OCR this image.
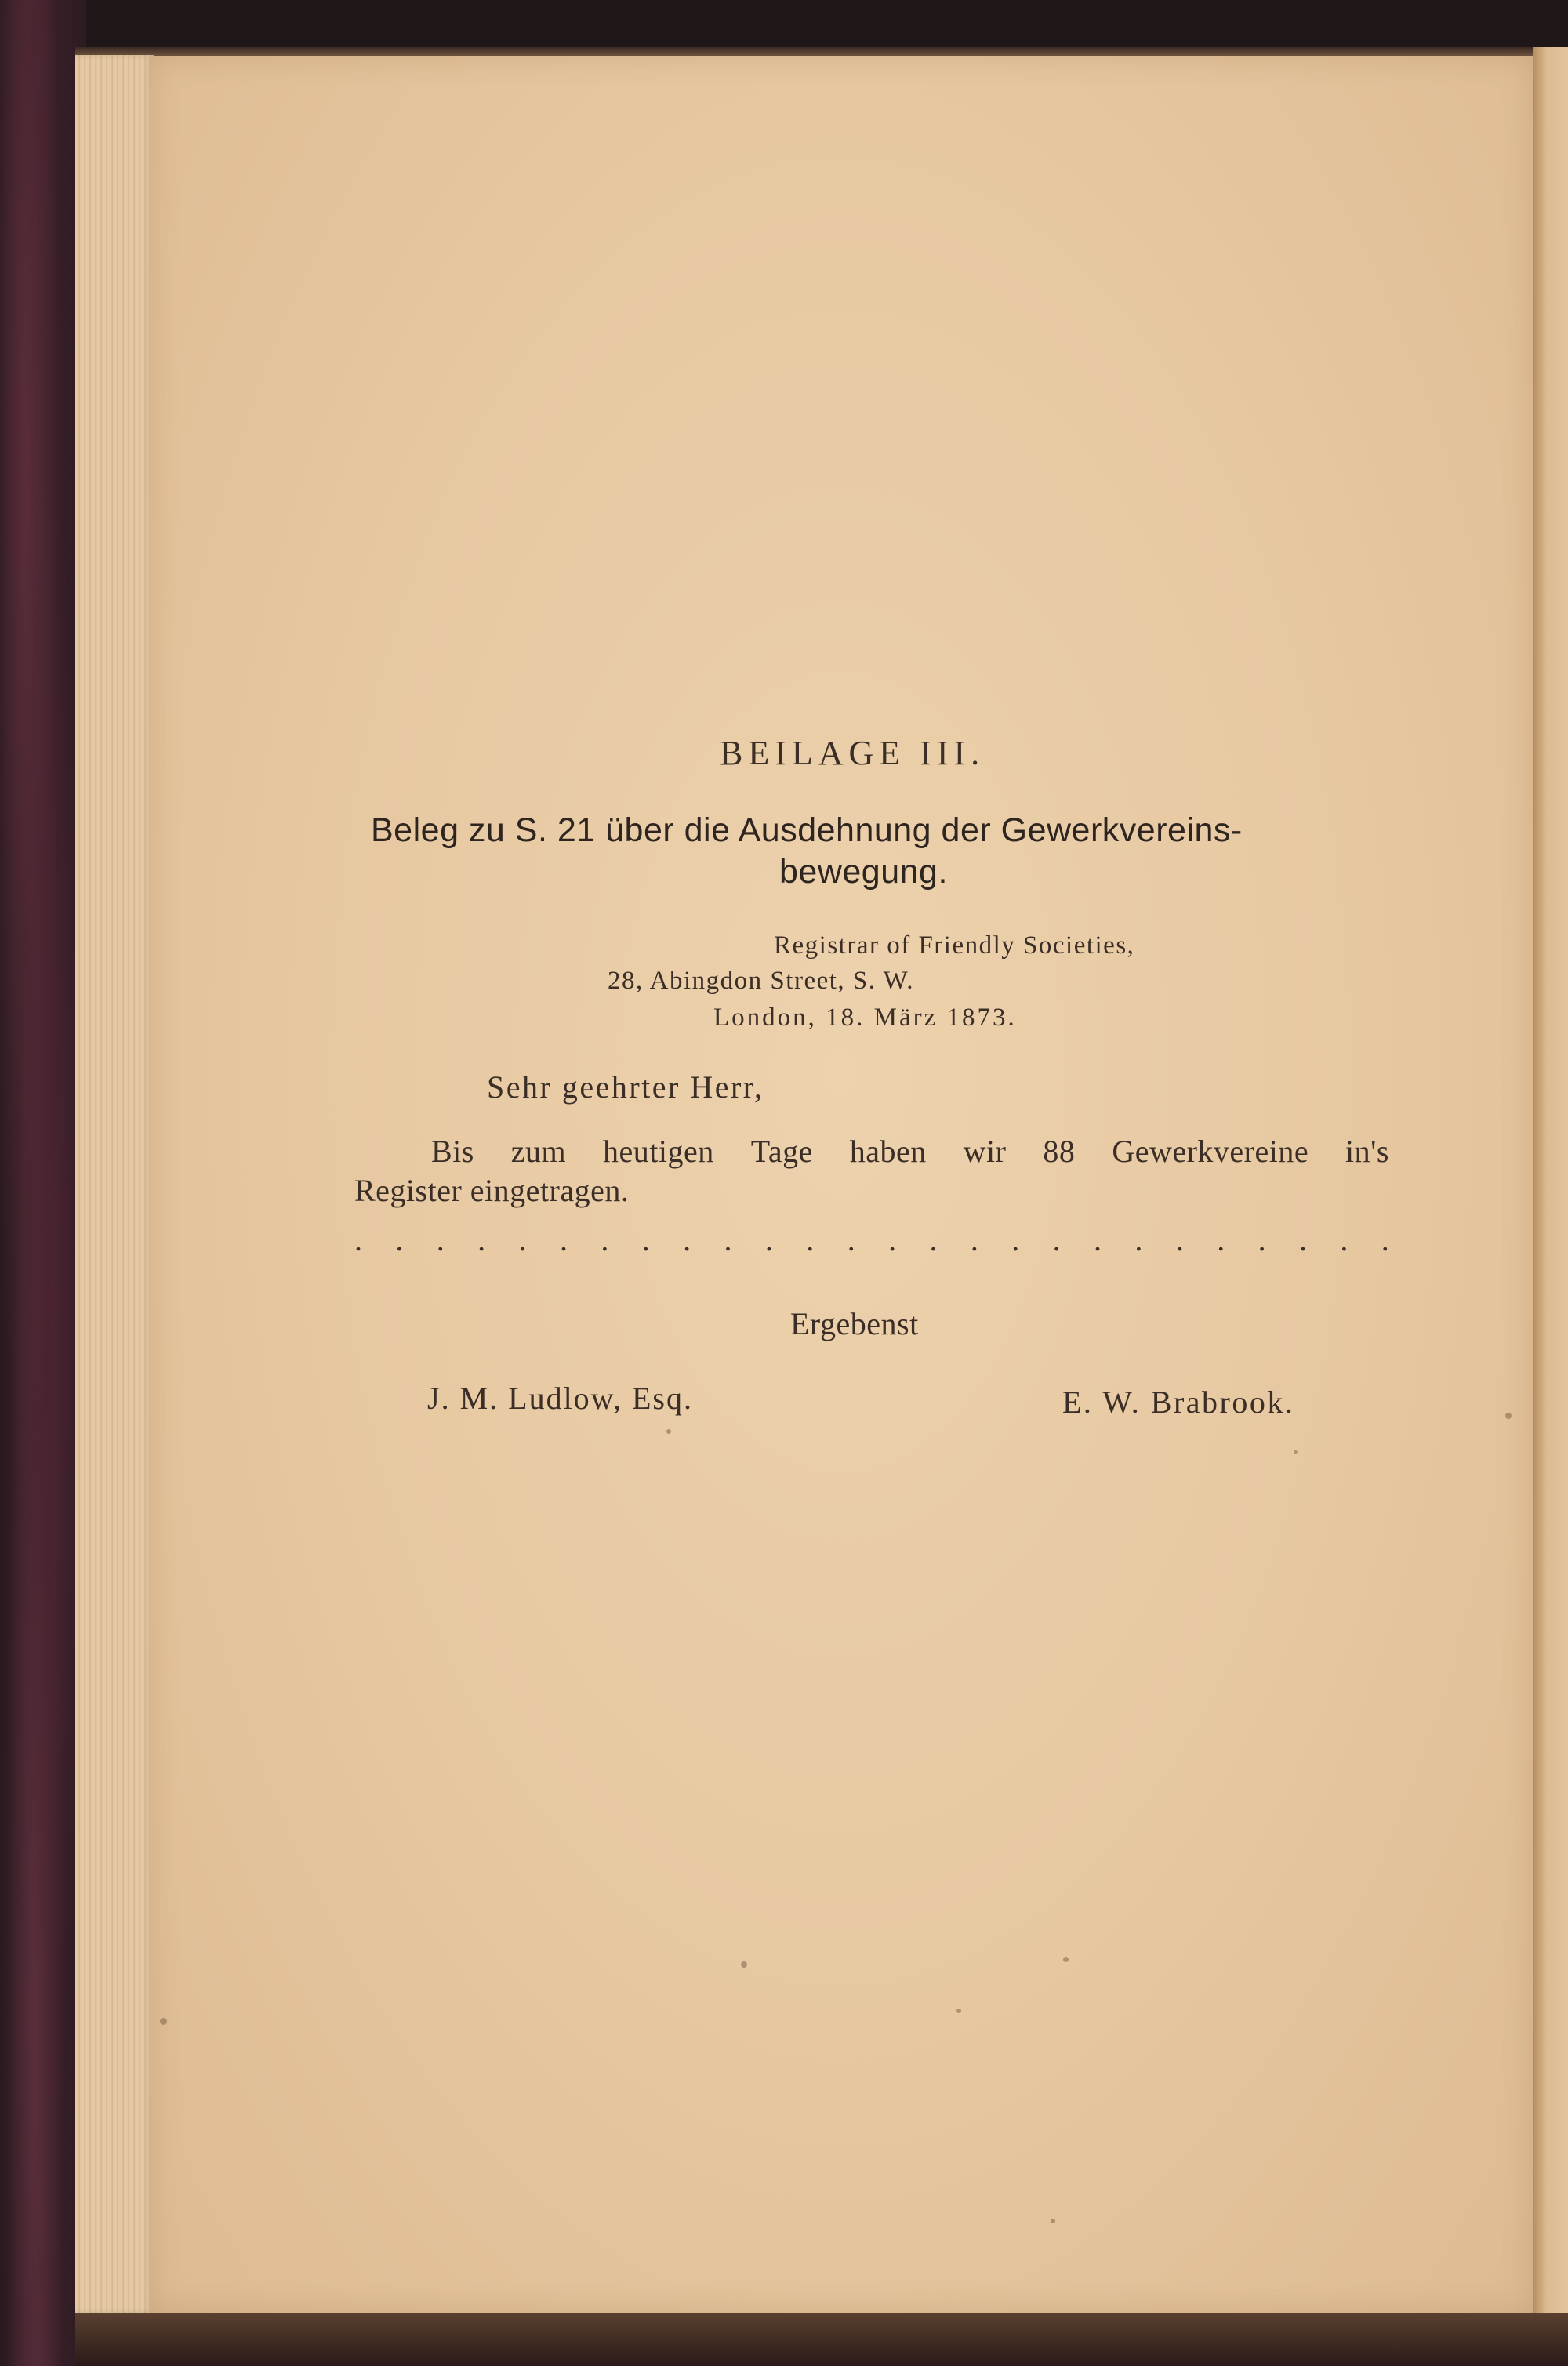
BEILAGE III.
Beleg zu S. 21 über die Ausdehnung der Gewerkvereins-
bewegung.
Registrar of Friendly Societies,
28, Abingdon Street, S. W.
London, 18. März 1873.
Sehr geehrter Herr,
Bis zum heutigen Tage haben wir 88 Gewerkvereine in's
Register eingetragen.
. . . . . . . . . . . . . . . . . . . . . . . . . .
Ergebenst
J. M. Ludlow, Esq.	E. W. Brabrook.
